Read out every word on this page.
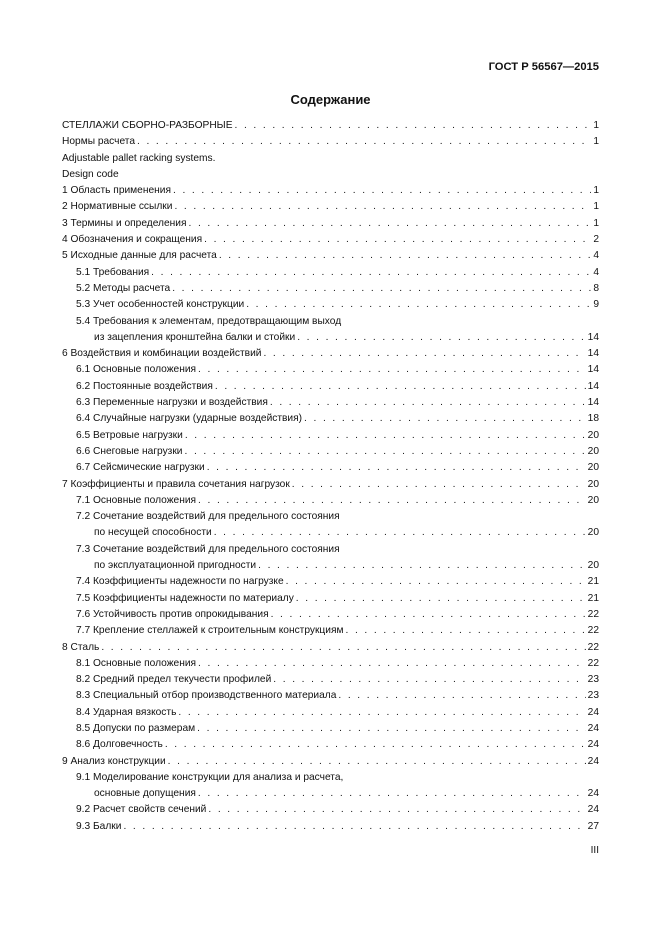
ГОСТ Р 56567—2015
Содержание
СТЕЛЛАЖИ СБОРНО-РАЗБОРНЫЕ . . .	1
Нормы расчета . . .	1
Adjustable pallet racking systems.
Design code
1 Область применения . . .	1
2 Нормативные ссылки . . .	1
3 Термины и определения . . .	1
4 Обозначения и сокращения . . .	2
5 Исходные данные для расчета . . .	4
5.1 Требования . . .	4
5.2 Методы расчета . . .	8
5.3 Учет особенностей конструкции . . .	9
5.4 Требования к элементам, предотвращающим выход
из зацепления кронштейна балки и стойки . . .	14
6 Воздействия и комбинации воздействий . . .	14
6.1 Основные положения . . .	14
6.2 Постоянные воздействия . . .	14
6.3 Переменные нагрузки и воздействия . . .	14
6.4 Случайные нагрузки (ударные воздействия) . . .	18
6.5 Ветровые нагрузки . . .	20
6.6 Снеговые нагрузки . . .	20
6.7 Сейсмические нагрузки . . .	20
7 Коэффициенты и правила сочетания нагрузок . . .	20
7.1 Основные положения . . .	20
7.2 Сочетание воздействий для предельного состояния
по несущей способности . . .	20
7.3 Сочетание воздействий для предельного состояния
по эксплуатационной пригодности . . .	20
7.4 Коэффициенты надежности по нагрузке . . .	21
7.5 Коэффициенты надежности по материалу . . .	21
7.6 Устойчивость против опрокидывания . . .	22
7.7 Крепление стеллажей к строительным конструкциям . . .	22
8 Сталь . . .	22
8.1 Основные положения . . .	22
8.2 Средний предел текучести профилей . . .	23
8.3 Специальный отбор производственного материала . . .	23
8.4 Ударная вязкость . . .	24
8.5 Допуски по размерам . . .	24
8.6 Долговечность . . .	24
9 Анализ конструкции . . .	24
9.1 Моделирование конструкции для анализа и расчета,
основные допущения . . .	24
9.2 Расчет свойств сечений . . .	24
9.3 Балки . . .	27
III
